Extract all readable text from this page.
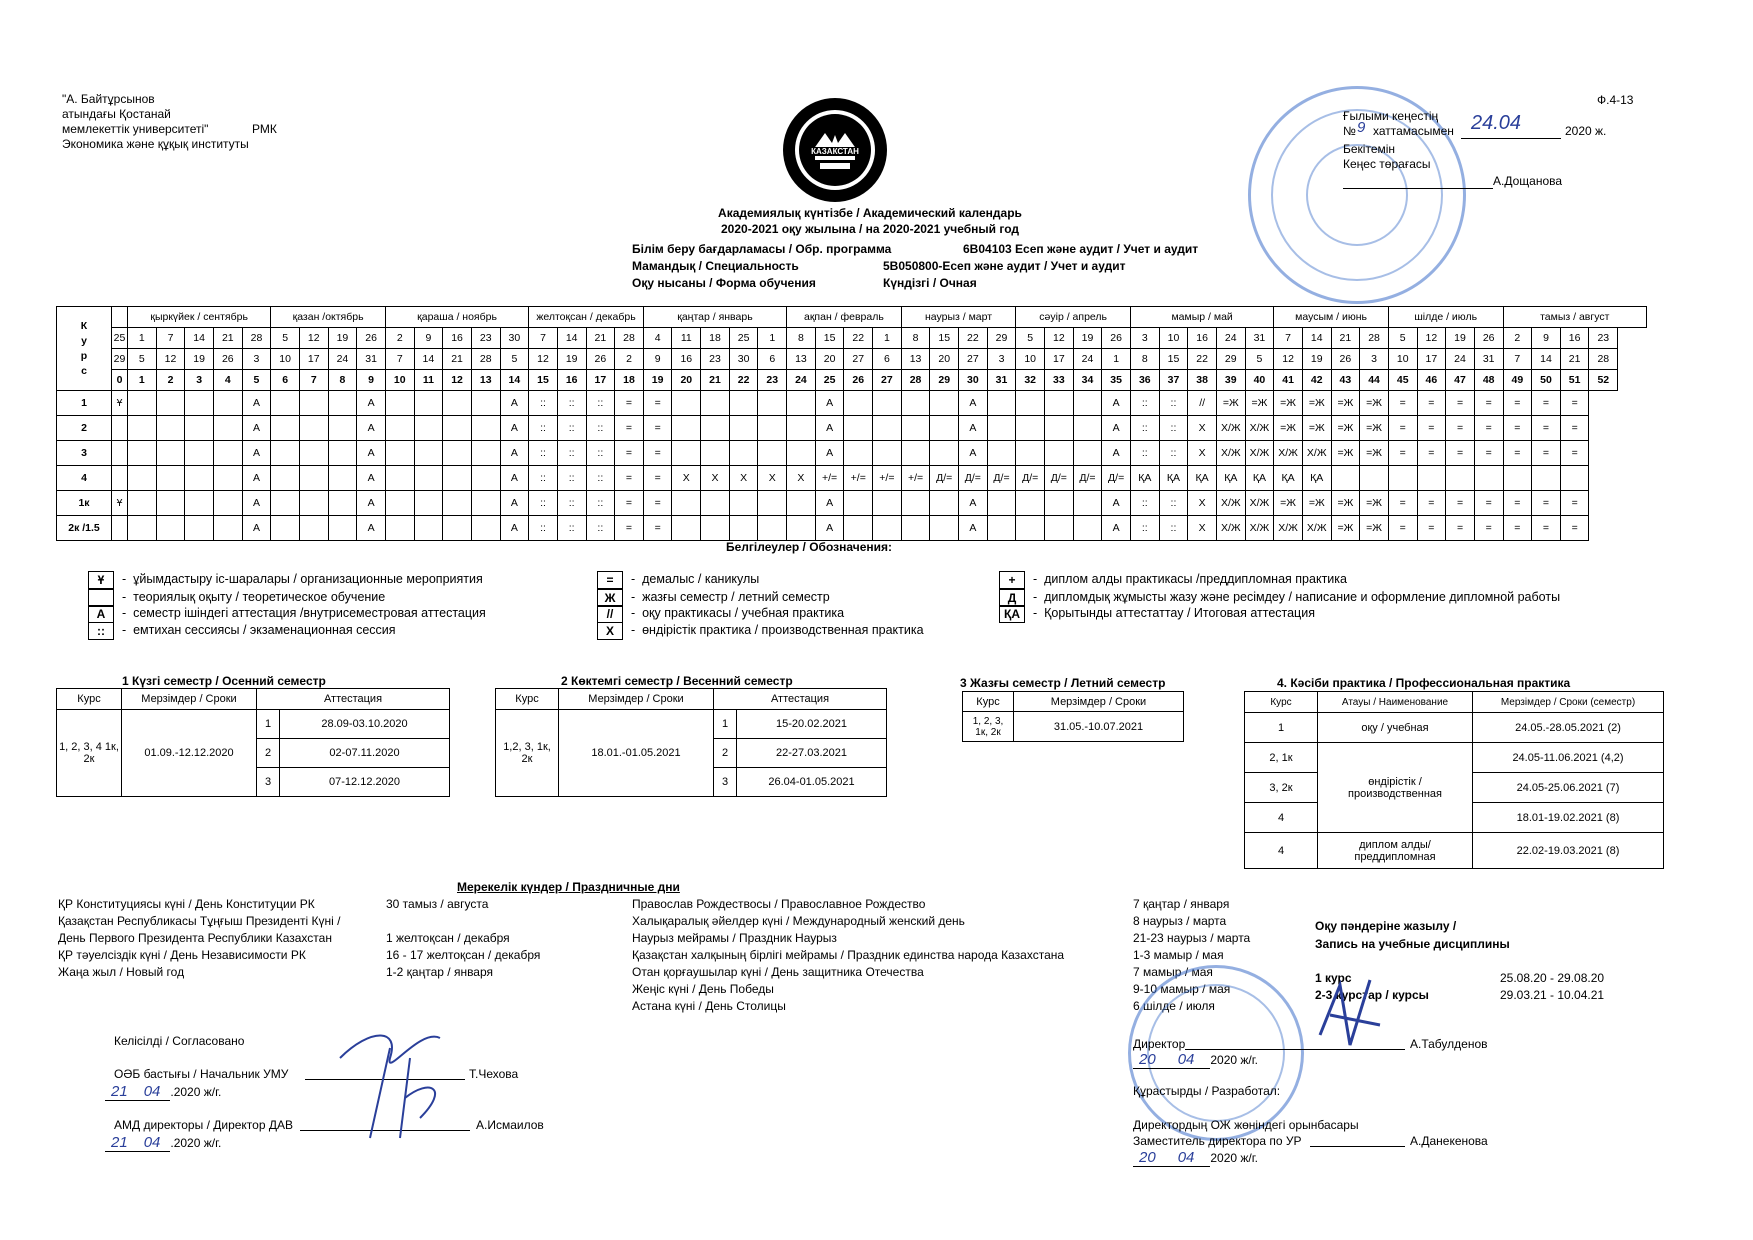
"А. Байтұрсынов
атындағы Қостанай
мемлекеттік университеті"	РМК
Экономика және құқық институты
Ф.4-13
КАЗАКСТАН
Ғылыми кеңестің
№ 9 хаттамасымен 24.04	2020 ж.
Бекітемін
Кеңес төрағасы
А.Дощанова
Академиялық күнтізбе / Академический календарь
2020-2021 оқу жылына / на 2020-2021 учебный год
Білім беру бағдарламасы / Обр. программа	6В04103 Есеп және аудит / Учет и аудит
Мамандық / Специальность	5В050800-Есеп және аудит / Учет и аудит
Оқу нысаны / Форма обучения	Күндізгі / Очная
К
у
р
с		қыркүйек / сентябрь					қазан /октябрь				қараша / ноябрь					желтоқсан / декабрь				қаңтар / январь					ақпан / февраль				наурыз / март				сәуір / апрель				мамыр / май					маусым / июнь				шілде / июль				тамыз / август			
	25	1	7	14	21	28	5	12	19	26	2	9	16	23	30	7	14	21	28	4	11	18	25	1	8	15	22	1	8	15	22	29	5	12	19	26	3	10	16	24	31	7	14	21	28	5	12	19	26	2	9	16	23
	29	5	12	19	26	3	10	17	24	31	7	14	21	28	5	12	19	26	2	9	16	23	30	6	13	20	27	6	13	20	27	3	10	17	24	1	8	15	22	29	5	12	19	26	3	10	17	24	31	7	14	21	28
	0	1	2	3	4	5	6	7	8	9	10	11	12	13	14	15	16	17	18	19	20	21	22	23	24	25	26	27	28	29	30	31	32	33	34	35	36	37	38	39	40	41	42	43	44	45	46	47	48	49	50	51	52
1	Ұ					А				А					А	::	::	::	=	=						А					А					А	::	::	//	=Ж	=Ж	=Ж	=Ж	=Ж	=Ж	=	=	=	=	=	=	=	
2						А				А					А	::	::	::	=	=						А					А					А	::	::	Х	Х/Ж	Х/Ж	=Ж	=Ж	=Ж	=Ж	=	=	=	=	=	=	=	
3						А				А					А	::	::	::	=	=						А					А					А	::	::	Х	Х/Ж	Х/Ж	Х/Ж	Х/Ж	=Ж	=Ж	=	=	=	=	=	=	=	
4						А				А					А	::	::	::	=	=	Х	Х	Х	Х	Х	+/=	+/=	+/=	+/=	Д/=	Д/=	Д/=	Д/=	Д/=	Д/=	Д/=	ҚА	ҚА	ҚА	ҚА	ҚА	ҚА	ҚА										
1к	Ұ					А				А					А	::	::	::	=	=						А					А					А	::	::	Х	Х/Ж	Х/Ж	=Ж	=Ж	=Ж	=Ж	=	=	=	=	=	=	=	
2к /1.5						А				А					А	::	::	::	=	=						А					А					А	::	::	Х	Х/Ж	Х/Ж	Х/Ж	Х/Ж	=Ж	=Ж	=	=	=	=	=	=	=	
Белгілеулер / Обозначения:
Ұ	-  ұйымдастыру іс-шаралары / организационные мероприятия
-  теориялық оқыту / теоретическое обучение
А	-  семестр ішіндегі аттестация /внутрисеместровая аттестация
::	-  емтихан сессиясы / экзаменационная сессия
=	-  демалыс / каникулы
Ж	-  жазғы семестр / летний семестр
//	-  оқу практикасы / учебная практика
Х	-  өндірістік практика / производственная практика
+	-  диплом алды практикасы /преддипломная практика
Д	-  дипломдық жұмысты жазу және ресімдеу / написание и оформление дипломной работы
ҚА	-  Қорытынды аттестаттау / Итоговая аттестация
1 Күзгі семестр / Осенний семестр
Курс	Мерзімдер / Сроки	Аттестация	
1, 2, 3, 4 1к, 2к	01.09.-12.12.2020	1	28.09-03.10.2020
		2	02-07.11.2020
		3	07-12.12.2020
2 Көктемгі семестр / Весенний семестр
Курс	Мерзімдер / Сроки	Аттестация	
1,2, 3, 1к, 2к	18.01.-01.05.2021	1	15-20.02.2021
		2	22-27.03.2021
		3	26.04-01.05.2021
3 Жазғы семестр / Летний семестр
Курс	Мерзімдер / Сроки
1, 2, 3, 1к, 2к	31.05.-10.07.2021
4. Кәсіби практика / Профессиональная практика
Курс	Атауы / Наименование	Мерзімдер / Сроки (семестр)
1	оқу / учебная	24.05.-28.05.2021 (2)
2, 1к	өндірістік / производственная	24.05-11.06.2021 (4,2)
3, 2к		24.05-25.06.2021 (7)
4		18.01-19.02.2021 (8)
4	диплом алды/ преддипломная	22.02-19.03.2021 (8)
Мерекелік күндер / Праздничные дни
ҚР Конституциясы күні / День Конституции РК	30 тамыз / августа
Қазақстан Республикасы Тұңғыш Президенті Күні /
День Первого Президента Республики Казахстан	1 желтоқсан / декабря
ҚР тәуелсіздік күні / День Независимости РК	16 - 17 желтоқсан / декабря
Жаңа жыл / Новый год	1-2 қаңтар / января
Православ Рождествосы / Православное Рождество	7 қаңтар / января
Халықаралық әйелдер күні / Международный женский день	8 наурыз / марта
Наурыз мейрамы / Праздник Наурыз	21-23 наурыз / марта
Қазақстан халқының бірлігі мейрамы / Праздник единства народа Казахстана	1-3 мамыр / мая
Отан қорғаушылар күні / День защитника Отечества	7 мамыр / мая
Жеңіс күні / День Победы	9-10 мамыр / мая
Астана күні / День Столицы	6 шілде / июля
Оқу пәндеріне жазылу /
Запись на учебные дисциплины
1 курс	25.08.20 - 29.08.20
2-3 курстар / курсы	29.03.21 - 10.04.21
Келісілді / Согласовано
ОӘБ бастығы / Начальник УМУ	Т.Чехова
21 04 .2020 ж/г.
АМД директоры / Директор ДАВ	А.Исмаилов
21 04 .2020 ж/г.
Директор	А.Табулденов
20 04 2020 ж/г.
Құрастырды / Разработал:
Директордың ОЖ жөніндегі орынбасары
Заместитель директора по УР	А.Данекенова
20 04 2020 ж/г.
